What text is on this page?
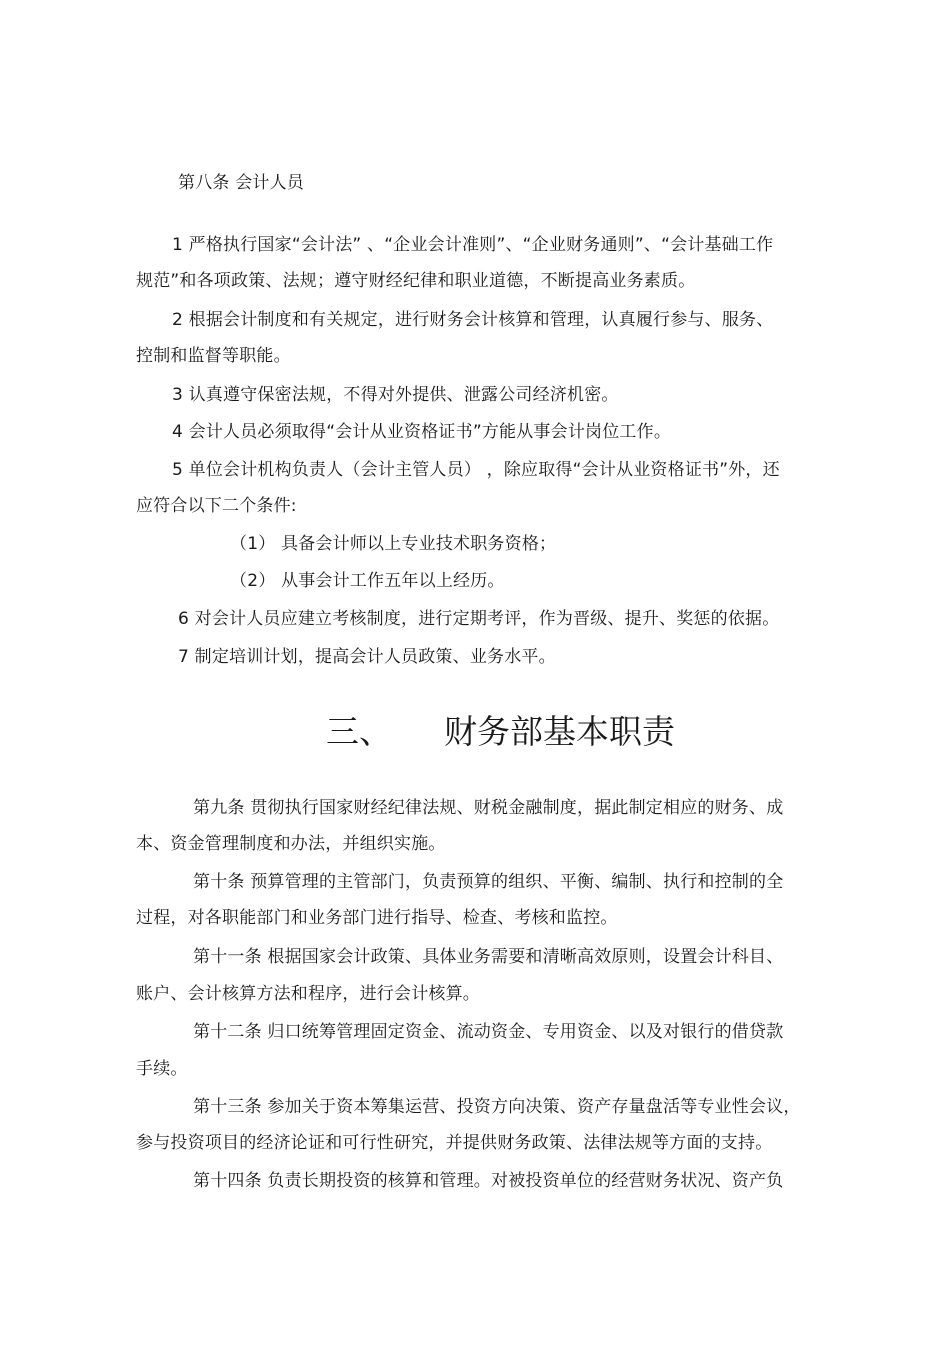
第八条 会计人员
1 严格执行国家“会计法” 、“企业会计准则”、“企业财务通则”、“会计基础工作
规范”和各项政策、法规；遵守财经纪律和职业道德，不断提高业务素质。
2 根据会计制度和有关规定，进行财务会计核算和管理，认真履行参与、服务、
控制和监督等职能。
3 认真遵守保密法规，不得对外提供、泄露公司经济机密。
4 会计人员必须取得“会计从业资格证书”方能从事会计岗位工作。
5 单位会计机构负责人（会计主管人员） ，除应取得“会计从业资格证书”外，还
应符合以下二个条件:
（1） 具备会计师以上专业技术职务资格；
（2） 从事会计工作五年以上经历。
6 对会计人员应建立考核制度，进行定期考评，作为晋级、提升、奖惩的依据。
7 制定培训计划，提高会计人员政策、业务水平。
三、 财务部基本职责
第九条 贯彻执行国家财经纪律法规、财税金融制度，据此制定相应的财务、成
本、资金管理制度和办法，并组织实施。
第十条 预算管理的主管部门，负责预算的组织、平衡、编制、执行和控制的全
过程，对各职能部门和业务部门进行指导、检查、考核和监控。
第十一条 根据国家会计政策、具体业务需要和清晰高效原则，设置会计科目、
账户、会计核算方法和程序，进行会计核算。
第十二条 归口统筹管理固定资金、流动资金、专用资金、以及对银行的借贷款
手续。
第十三条 参加关于资本筹集运营、投资方向决策、资产存量盘活等专业性会议，
参与投资项目的经济论证和可行性研究，并提供财务政策、法律法规等方面的支持。
第十四条 负责长期投资的核算和管理。对被投资单位的经营财务状况、资产负
